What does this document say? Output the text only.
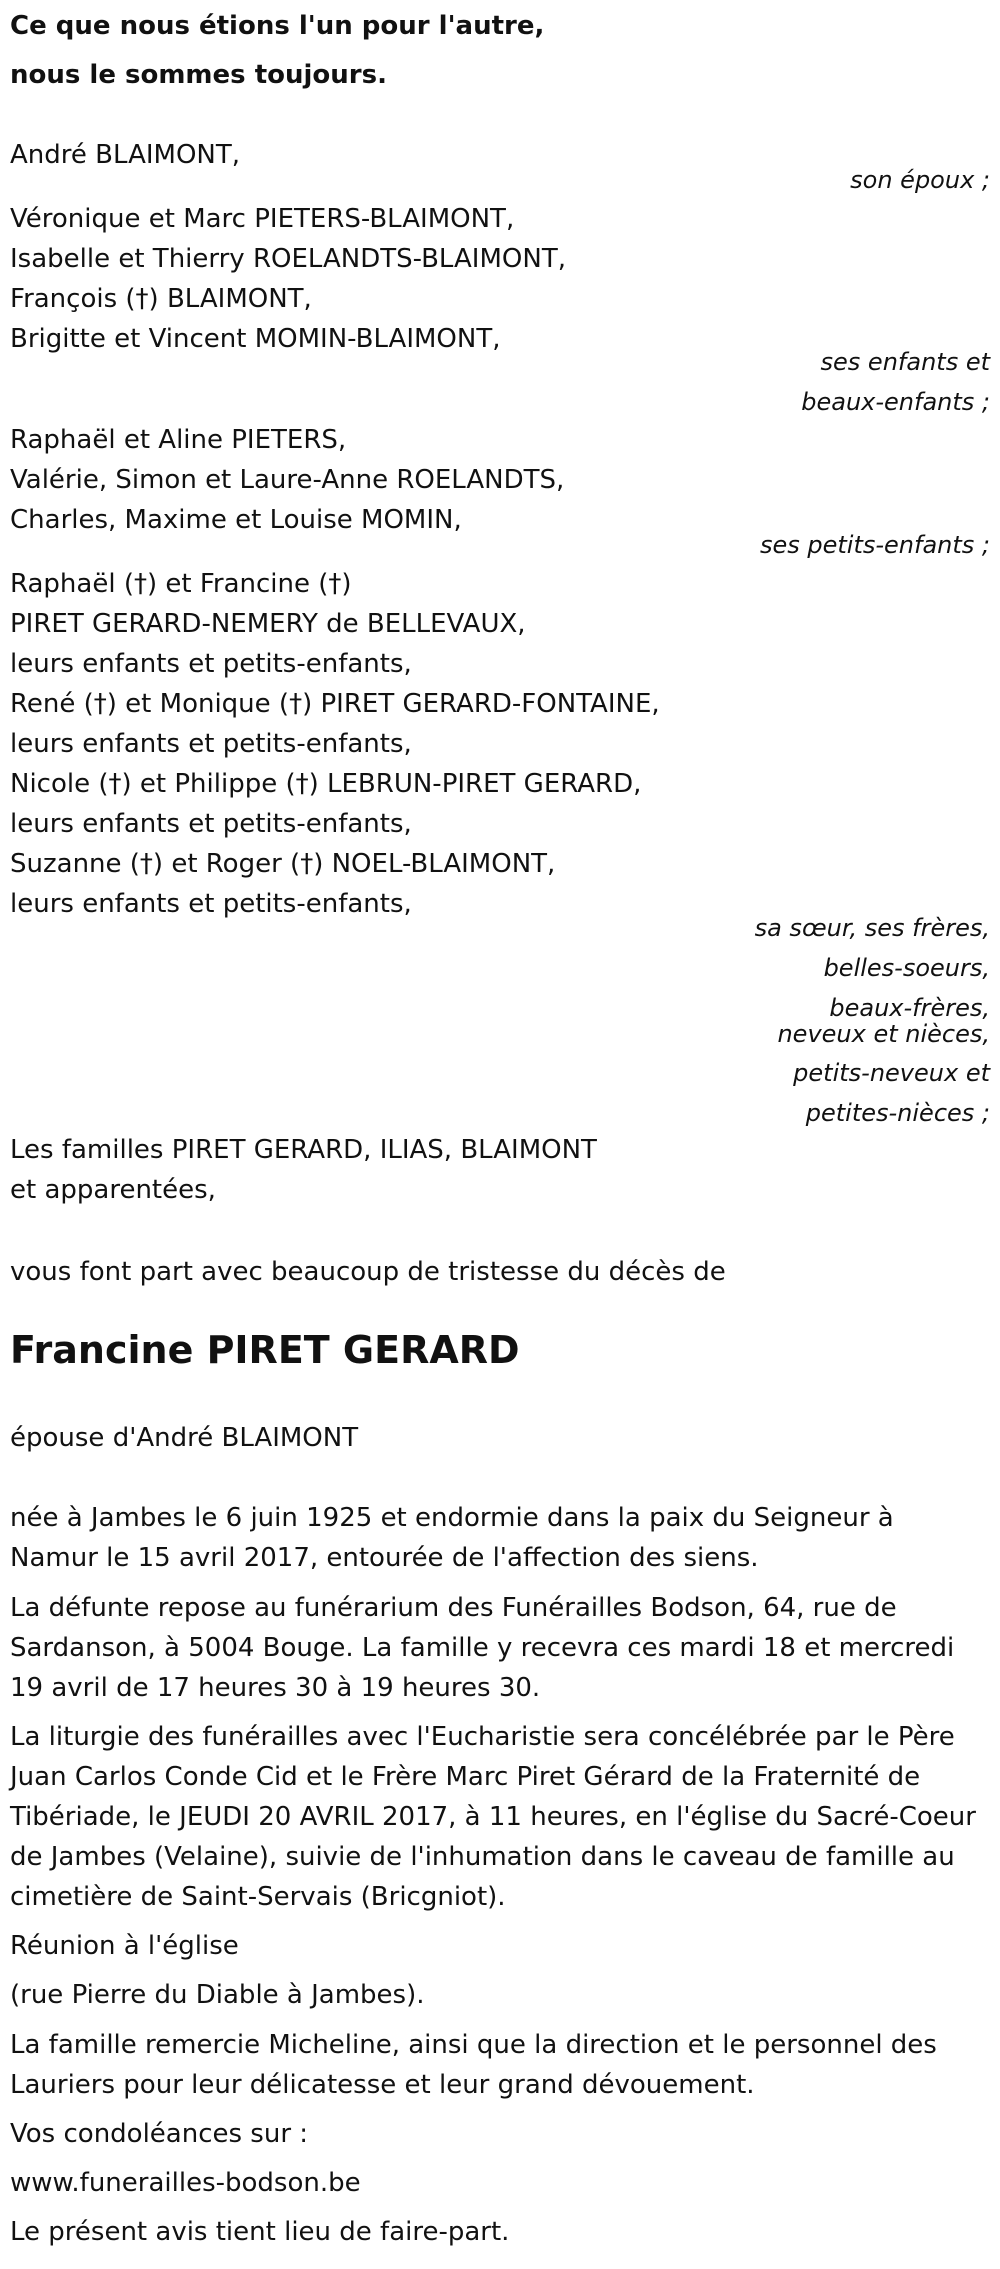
Ce que nous étions l'un pour l'autre,

nous le sommes toujours.

André BLAIMONT,

son époux ;

Véronique et Marc PIETERS-BLAIMONT,

Isabelle et Thierry ROELANDTS-BLAIMONT,

François (†) BLAIMONT,

Brigitte et Vincent MOMIN-BLAIMONT,

ses enfants et

beaux-enfants ;

Raphaël et Aline PIETERS,

Valérie, Simon et Laure-Anne ROELANDTS,

Charles, Maxime et Louise MOMIN,

ses petits-enfants ;

Raphaël (†) et Francine (†)

PIRET GERARD-NEMERY de BELLEVAUX,

leurs enfants et petits-enfants,

René (†) et Monique (†) PIRET GERARD-FONTAINE,

leurs enfants et petits-enfants,

Nicole (†) et Philippe (†) LEBRUN-PIRET GERARD,

leurs enfants et petits-enfants,

Suzanne (†) et Roger (†) NOEL-BLAIMONT,

leurs enfants et petits-enfants,

sa sœur, ses frères,

belles-soeurs,

beaux-frères,

neveux et nièces,

petits-neveux et

petites-nièces ;

Les familles PIRET GERARD, ILIAS, BLAIMONT

et apparentées,

vous font part avec beaucoup de tristesse du décès de

Francine PIRET GERARD

épouse d'André BLAIMONT

née à Jambes le 6 juin 1925 et endormie dans la paix du Seigneur à

Namur le 15 avril 2017, entourée de l'affection des siens.

La défunte repose au funérarium des Funérailles Bodson, 64, rue de

Sardanson, à 5004 Bouge. La famille y recevra ces mardi 18 et mercredi

19 avril de 17 heures 30 à 19 heures 30.

La liturgie des funérailles avec l'Eucharistie sera concélébrée par le Père

Juan Carlos Conde Cid et le Frère Marc Piret Gérard de la Fraternité de

Tibériade, le JEUDI 20 AVRIL 2017, à 11 heures, en l'église du Sacré-Coeur

de Jambes (Velaine), suivie de l'inhumation dans le caveau de famille au

cimetière de Saint-Servais (Bricgniot).

Réunion à l'église

(rue Pierre du Diable à Jambes).

La famille remercie Micheline, ainsi que la direction et le personnel des

Lauriers pour leur délicatesse et leur grand dévouement.

Vos condoléances sur :

www.funerailles-bodson.be

Le présent avis tient lieu de faire-part.
